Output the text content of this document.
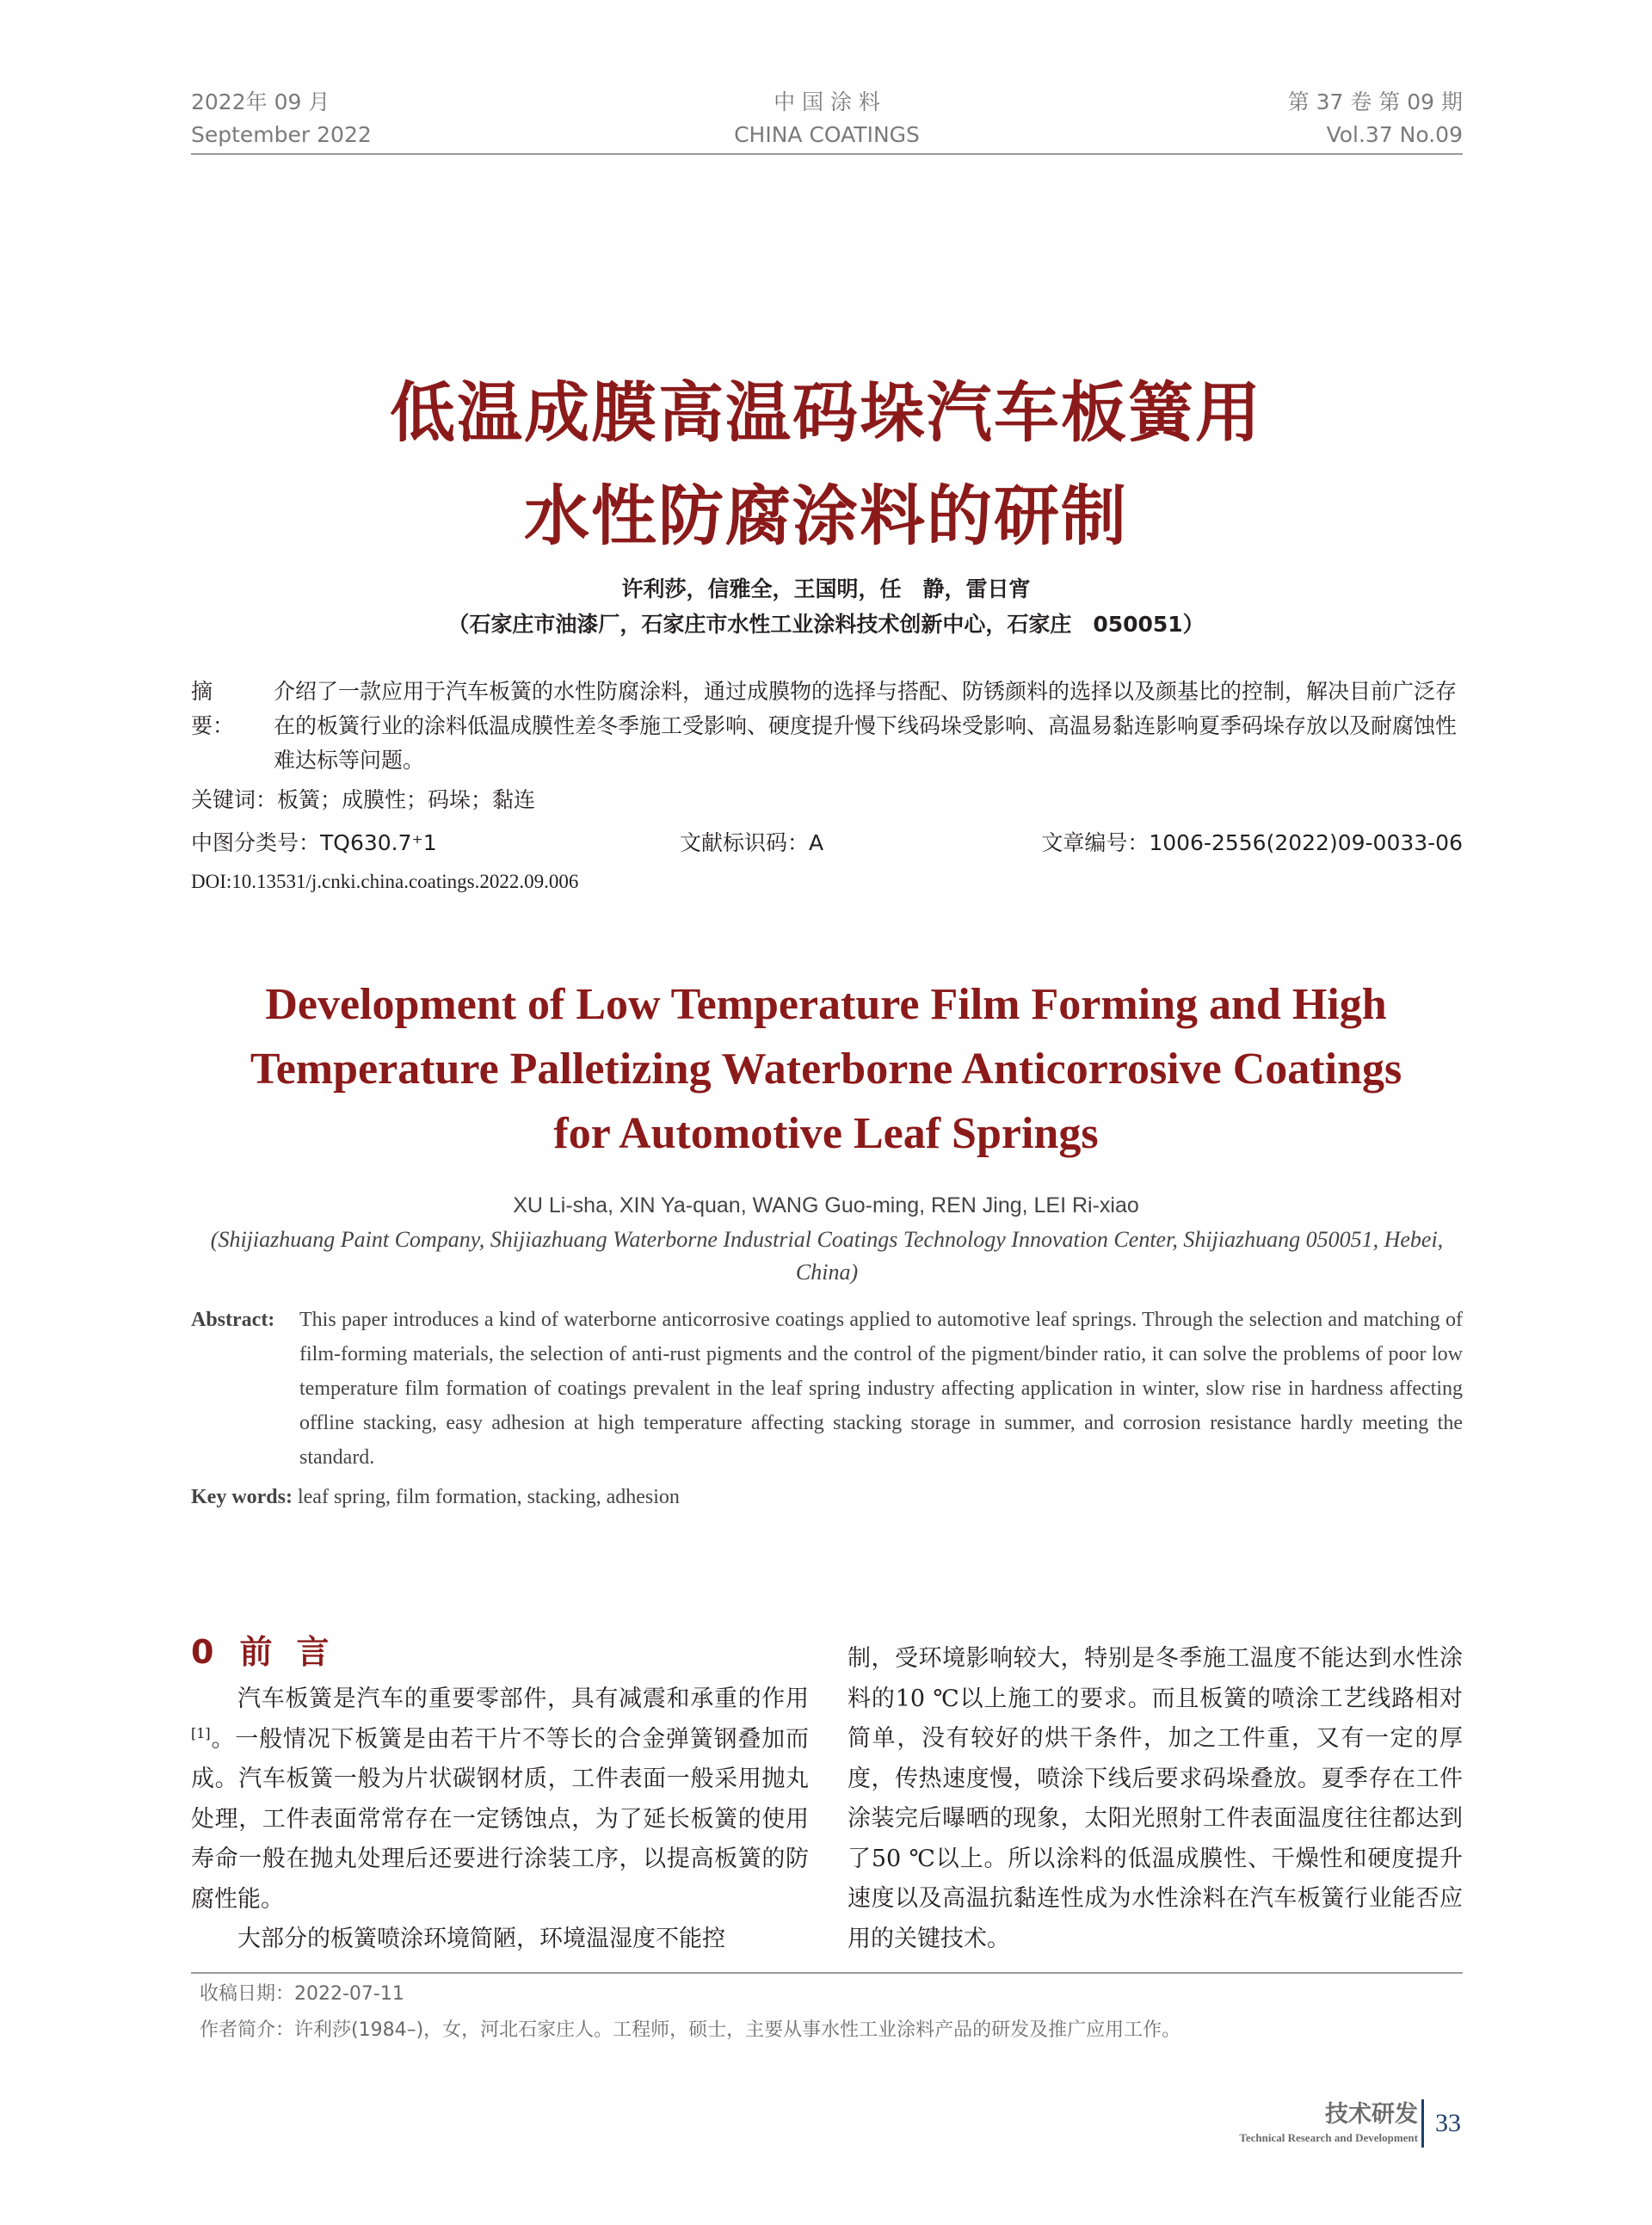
2022年 09 月
September 2022
中 国 涂 料
CHINA COATINGS
第 37 卷 第 09 期
Vol.37 No.09
低温成膜高温码垛汽车板簧用
水性防腐涂料的研制
许利莎，信雅全，王国明，任　静，雷日宵
（石家庄市油漆厂，石家庄市水性工业涂料技术创新中心，石家庄　050051）
摘　要：
介绍了一款应用于汽车板簧的水性防腐涂料，通过成膜物的选择与搭配、防锈颜料的选择以及颜基比的控制，解决目前广泛存在的板簧行业的涂料低温成膜性差冬季施工受影响、硬度提升慢下线码垛受影响、高温易黏连影响夏季码垛存放以及耐腐蚀性难达标等问题。
关键词：板簧；成膜性；码垛；黏连
中图分类号：TQ630.7⁺1	文献标识码：A	文章编号：1006-2556(2022)09-0033-06
DOI:10.13531/j.cnki.china.coatings.2022.09.006
Development of Low Temperature Film Forming and High
Temperature Palletizing Waterborne Anticorrosive Coatings
for Automotive Leaf Springs
XU Li-sha, XIN Ya-quan, WANG Guo-ming, REN Jing, LEI Ri-xiao
(Shijiazhuang Paint Company, Shijiazhuang Waterborne Industrial Coatings Technology Innovation Center, Shijiazhuang 050051, Hebei, China)
Abstract: This paper introduces a kind of waterborne anticorrosive coatings applied to automotive leaf springs. Through the selection and matching of film-forming materials, the selection of anti-rust pigments and the control of the pigment/binder ratio, it can solve the problems of poor low temperature film formation of coatings prevalent in the leaf spring industry affecting application in winter, slow rise in hardness affecting offline stacking, easy adhesion at high temperature affecting stacking storage in summer, and corrosion resistance hardly meeting the standard.
Key words: leaf spring, film formation, stacking, adhesion
0 前言

汽车板簧是汽车的重要零部件，具有减震和承重的作用[1]。一般情况下板簧是由若干片不等长的合金弹簧钢叠加而成。汽车板簧一般为片状碳钢材质，工件表面一般采用抛丸处理，工件表面常常存在一定锈蚀点，为了延长板簧的使用寿命一般在抛丸处理后还要进行涂装工序，以提高板簧的防腐性能。

大部分的板簧喷涂环境简陋，环境温湿度不能控

制，受环境影响较大，特别是冬季施工温度不能达到水性涂料的10 ℃以上施工的要求。而且板簧的喷涂工艺线路相对简单，没有较好的烘干条件，加之工件重，又有一定的厚度，传热速度慢，喷涂下线后要求码垛叠放。夏季存在工件涂装完后曝晒的现象，太阳光照射工件表面温度往往都达到了50 ℃以上。所以涂料的低温成膜性、干燥性和硬度提升速度以及高温抗黏连性成为水性涂料在汽车板簧行业能否应用的关键技术。

收稿日期：2022-07-11
作者简介：许利莎(1984–)，女，河北石家庄人。工程师，硕士，主要从事水性工业涂料产品的研发及推广应用工作。
技术研发
Technical Research and Development
33
